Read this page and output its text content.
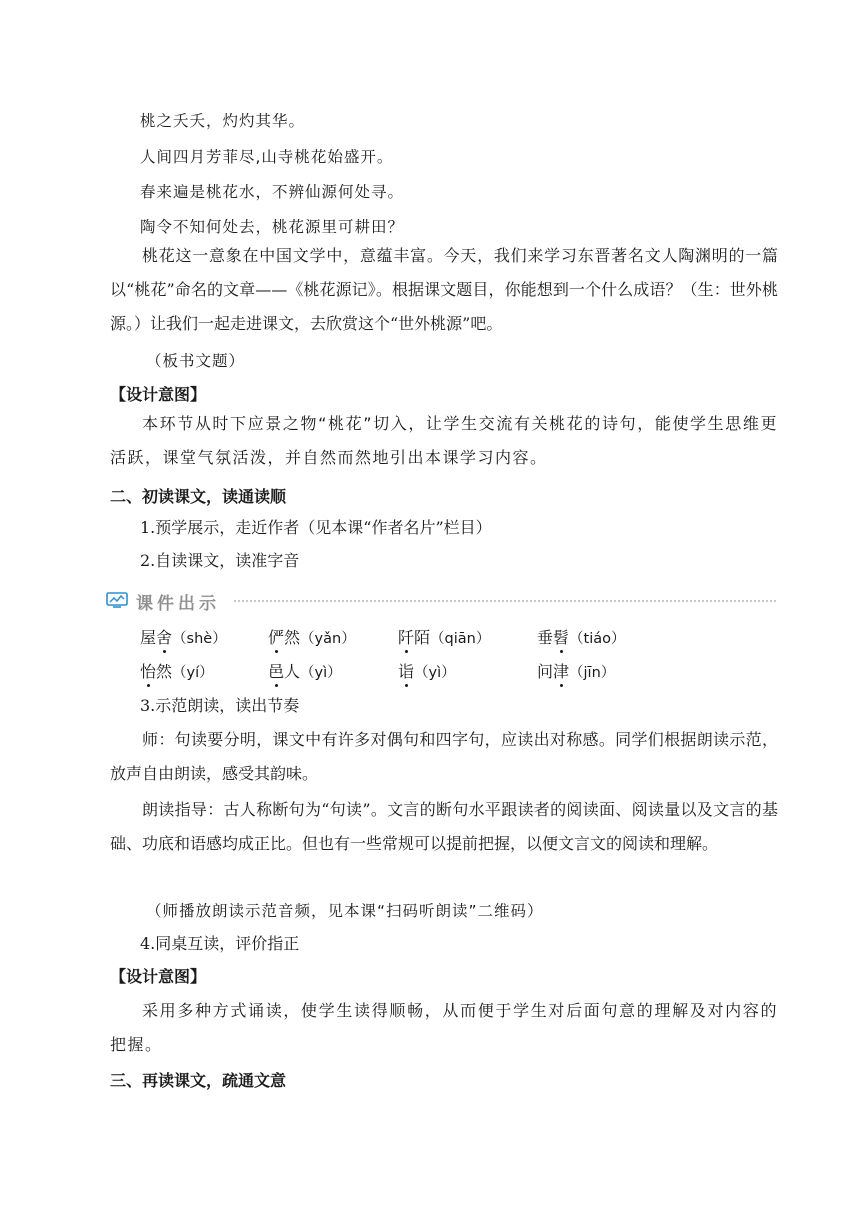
桃之夭夭，灼灼其华。
人间四月芳菲尽,山寺桃花始盛开。
春来遍是桃花水，不辨仙源何处寻。
陶令不知何处去，桃花源里可耕田？
桃花这一意象在中国文学中，意蕴丰富。今天，我们来学习东晋著名文人陶渊明的一篇以“桃花”命名的文章——《桃花源记》。根据课文题目，你能想到一个什么成语？（生：世外桃源。）让我们一起走进课文，去欣赏这个“世外桃源”吧。
（板书文题）
【设计意图】
本环节从时下应景之物“桃花”切入，让学生交流有关桃花的诗句，能使学生思维更活跃，课堂气氛活泼，并自然而然地引出本课学习内容。
二、初读课文，读通读顺
1.预学展示，走近作者（见本课“作者名片”栏目）
2.自读课文，读准字音
课件出示
屋舍（shè）	俨然（yǎn）	阡陌（qiān）	垂髫（tiáo）
怡然（yí）	邑人（yì）	诣（yì）	问津（jīn）
3.示范朗读，读出节奏
师：句读要分明，课文中有许多对偶句和四字句，应读出对称感。同学们根据朗读示范，放声自由朗读，感受其韵味。
朗读指导：古人称断句为“句读”。文言的断句水平跟读者的阅读面、阅读量以及文言的基础、功底和语感均成正比。但也有一些常规可以提前把握，以便文言文的阅读和理解。
（师播放朗读示范音频，见本课“扫码听朗读”二维码）
4.同桌互读，评价指正
【设计意图】
采用多种方式诵读，使学生读得顺畅，从而便于学生对后面句意的理解及对内容的把握。
三、再读课文，疏通文意
